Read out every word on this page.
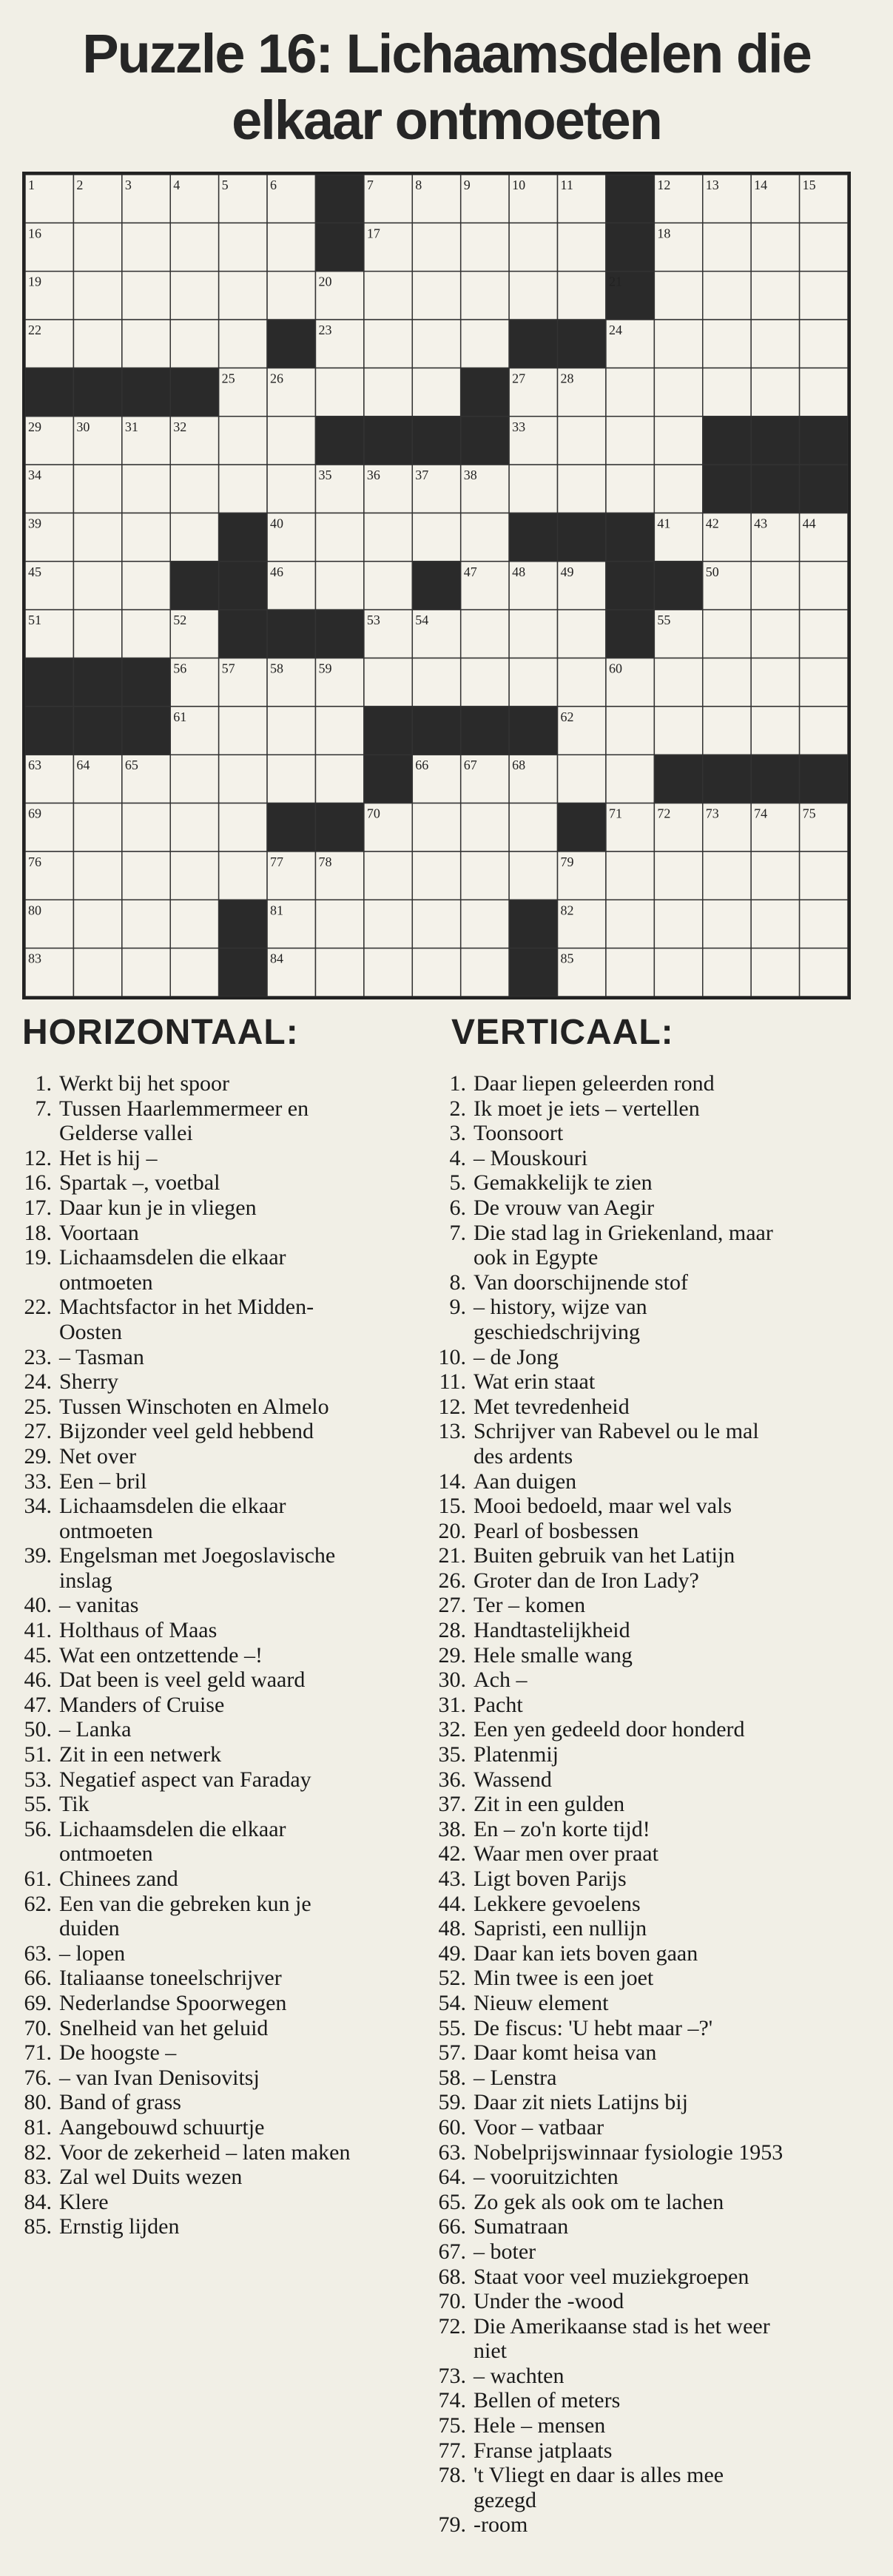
Puzzle 16: Lichaamsdelen die
elkaar ontmoeten
1	2	3	4	5	6	7	8	9	10	11	12	13	14	15
16	17	18
19	20	21
22	23	24
25	26	27	28
29	30	31	32	33
34	35	36	37	38
39	40	41	42	43	44
45	46	47	48	49	50
51	52	53	54	55
56	57	58	59	60
61	62
63	64	65	66	67	68
69	70	71	72	73	74	75
76	77	78	79
80	81	82
83	84	85
HORIZONTAAL:	VERTICAAL:
1. Werkt bij het spoor
7. Tussen Haarlemmermeer en
Gelderse vallei
12. Het is hij –
16. Spartak –, voetbal
17. Daar kun je in vliegen
18. Voortaan
19. Lichaamsdelen die elkaar
ontmoeten
22. Machtsfactor in het Midden-
Oosten
23. – Tasman
24. Sherry
25. Tussen Winschoten en Almelo
27. Bijzonder veel geld hebbend
29. Net over
33. Een – bril
34. Lichaamsdelen die elkaar
ontmoeten
39. Engelsman met Joegoslavische
inslag
40. – vanitas
41. Holthaus of Maas
45. Wat een ontzettende –!
46. Dat been is veel geld waard
47. Manders of Cruise
50. – Lanka
51. Zit in een netwerk
53. Negatief aspect van Faraday
55. Tik
56. Lichaamsdelen die elkaar
ontmoeten
61. Chinees zand
62. Een van die gebreken kun je
duiden
63. – lopen
66. Italiaanse toneelschrijver
69. Nederlandse Spoorwegen
70. Snelheid van het geluid
71. De hoogste –
76. – van Ivan Denisovitsj
80. Band of grass
81. Aangebouwd schuurtje
82. Voor de zekerheid – laten maken
83. Zal wel Duits wezen
84. Klere
85. Ernstig lijden
1. Daar liepen geleerden rond
2. Ik moet je iets – vertellen
3. Toonsoort
4. – Mouskouri
5. Gemakkelijk te zien
6. De vrouw van Aegir
7. Die stad lag in Griekenland, maar
ook in Egypte
8. Van doorschijnende stof
9. – history, wijze van
geschiedschrijving
10. – de Jong
11. Wat erin staat
12. Met tevredenheid
13. Schrijver van Rabevel ou le mal
des ardents
14. Aan duigen
15. Mooi bedoeld, maar wel vals
20. Pearl of bosbessen
21. Buiten gebruik van het Latijn
26. Groter dan de Iron Lady?
27. Ter – komen
28. Handtastelijkheid
29. Hele smalle wang
30. Ach –
31. Pacht
32. Een yen gedeeld door honderd
35. Platenmij
36. Wassend
37. Zit in een gulden
38. En – zo'n korte tijd!
42. Waar men over praat
43. Ligt boven Parijs
44. Lekkere gevoelens
48. Sapristi, een nullijn
49. Daar kan iets boven gaan
52. Min twee is een joet
54. Nieuw element
55. De fiscus: 'U hebt maar –?'
57. Daar komt heisa van
58. – Lenstra
59. Daar zit niets Latijns bij
60. Voor – vatbaar
63. Nobelprijswinnaar fysiologie 1953
64. – vooruitzichten
65. Zo gek als ook om te lachen
66. Sumatraan
67. – boter
68. Staat voor veel muziekgroepen
70. Under the -wood
72. Die Amerikaanse stad is het weer
niet
73. – wachten
74. Bellen of meters
75. Hele – mensen
77. Franse jatplaats
78. 't Vliegt en daar is alles mee
gezegd
79. -room
